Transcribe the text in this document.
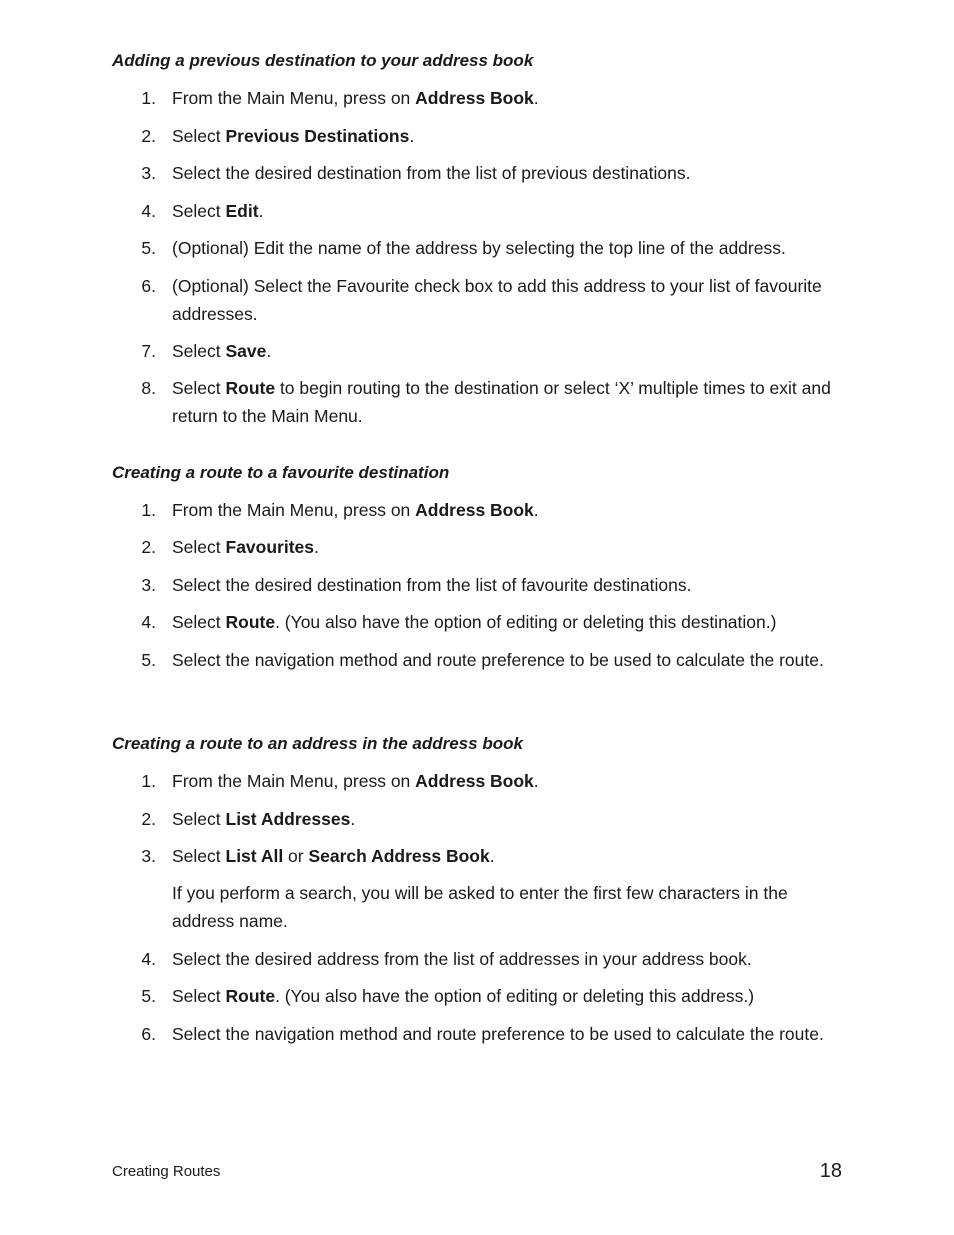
Adding a previous destination to your address book
1. From the Main Menu, press on Address Book.
2. Select Previous Destinations.
3. Select the desired destination from the list of previous destinations.
4. Select Edit.
5. (Optional) Edit the name of the address by selecting the top line of the address.
6. (Optional) Select the Favourite check box to add this address to your list of favourite addresses.
7. Select Save.
8. Select Route to begin routing to the destination or select ‘X’ multiple times to exit and return to the Main Menu.
Creating a route to a favourite destination
1. From the Main Menu, press on Address Book.
2. Select Favourites.
3. Select the desired destination from the list of favourite destinations.
4. Select Route. (You also have the option of editing or deleting this destination.)
5. Select the navigation method and route preference to be used to calculate the route.
Creating a route to an address in the address book
1. From the Main Menu, press on Address Book.
2. Select List Addresses.
3. Select List All or Search Address Book.
If you perform a search, you will be asked to enter the first few characters in the address name.
4. Select the desired address from the list of addresses in your address book.
5. Select Route. (You also have the option of editing or deleting this address.)
6. Select the navigation method and route preference to be used to calculate the route.
Creating Routes	18
